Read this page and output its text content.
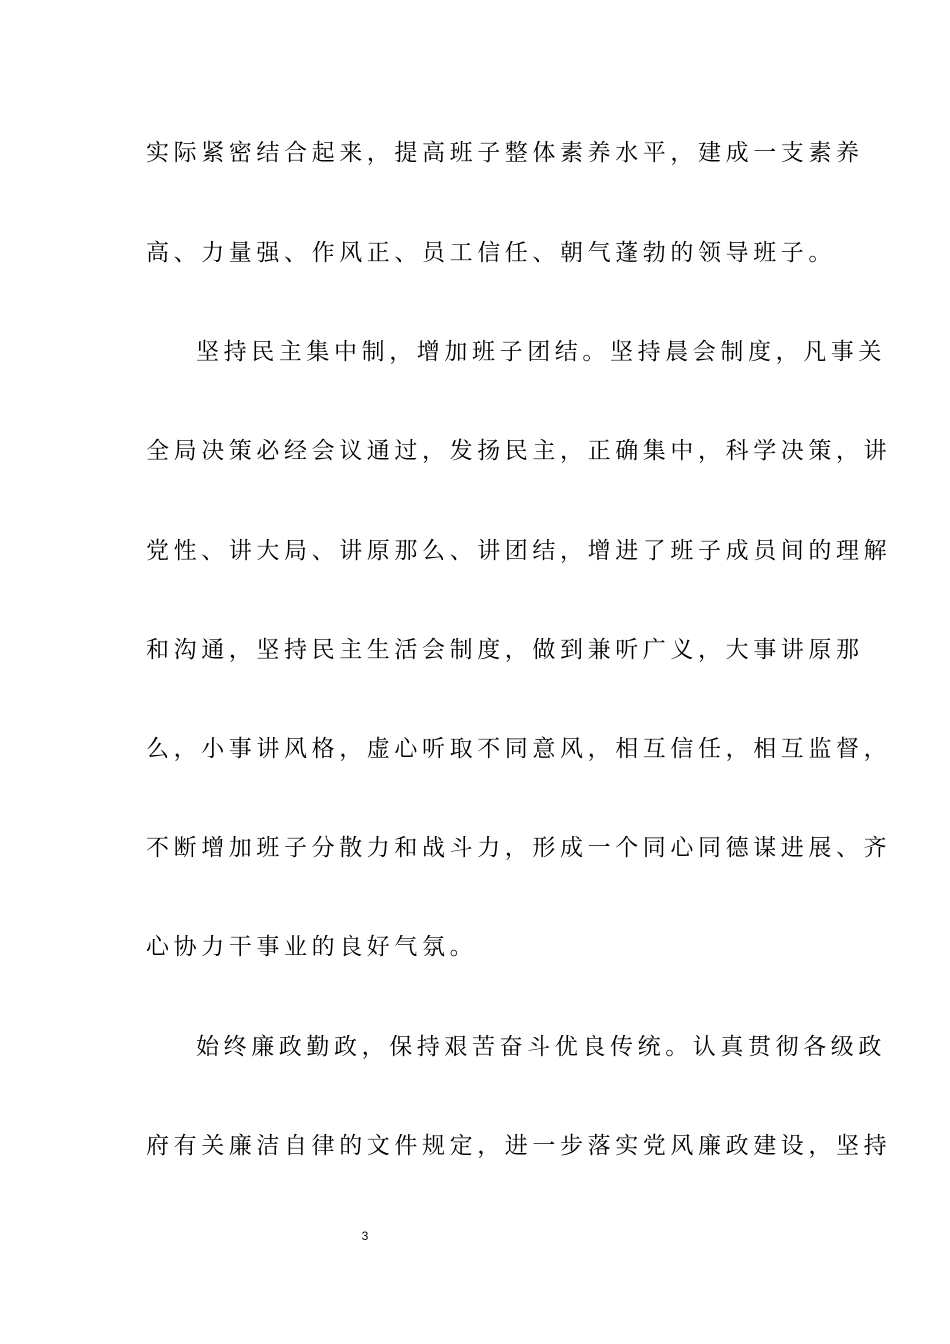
实际紧密结合起来，提高班子整体素养水平，建成一支素养
高、力量强、作风正、员工信任、朝气蓬勃的领导班子。
坚持民主集中制，增加班子团结。坚持晨会制度，凡事关
全局决策必经会议通过，发扬民主，正确集中，科学决策，讲
党性、讲大局、讲原那么、讲团结，增进了班子成员间的理解
和沟通，坚持民主生活会制度，做到兼听广义，大事讲原那
么，小事讲风格，虚心听取不同意风，相互信任，相互监督，
不断增加班子分散力和战斗力，形成一个同心同德谋进展、齐
心协力干事业的良好气氛。
始终廉政勤政，保持艰苦奋斗优良传统。认真贯彻各级政
府有关廉洁自律的文件规定，进一步落实党风廉政建设，坚持
3
